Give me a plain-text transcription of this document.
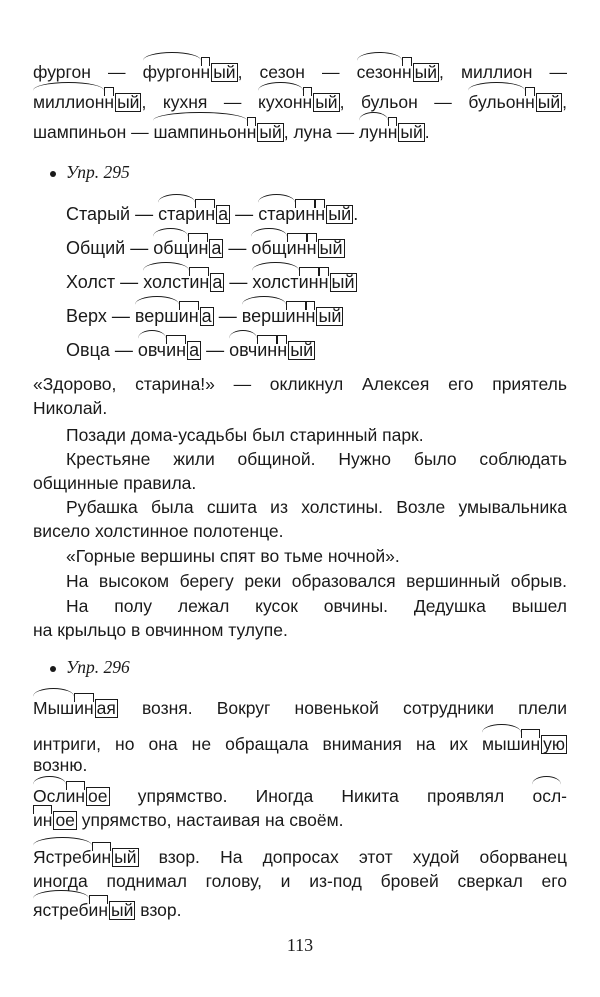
фургон — фургонн ый , сезон — сезонн ый , миллион —
миллионн ый , кухня — кухонн ый , бульон — бульонн ый ,
шампиньон — шампиньонн ый , луна — лунн ый .
Упр. 295
Старый — старин а — старинн ый .
Общий — общин а — общинн ый
Холст — холстин а — холстинн ый
Верх — вершин а — вершинн ый
Овца — овчин а — овчинн ый
«Здорово, старина!» — окликнул Алексея его приятель
Николай.
Позади дома-усадьбы был старинный парк.
Крестьяне жили общиной. Нужно было соблюдать
общинные правила.
Рубашка была сшита из холстины. Возле умывальника
висело холстинное полотенце.
«Горные вершины спят во тьме ночной».
На высоком берегу реки образовался вершинный обрыв.
На полу лежал кусок овчины. Дедушка вышел
на крыльцо в овчинном тулупе.
Упр. 296
Мышин ая возня. Вокруг новенькой сотрудники плели
интриги, но она не обращала внимания на их мышин ую
возню.
Ослин ое упрямство. Иногда Никита проявлял осл-
ин ое упрямство, настаивая на своём.
Ястребин ый взор. На допросах этот худой оборванец
иногда поднимал голову, и из-под бровей сверкал его
ястребин ый взор.
113
